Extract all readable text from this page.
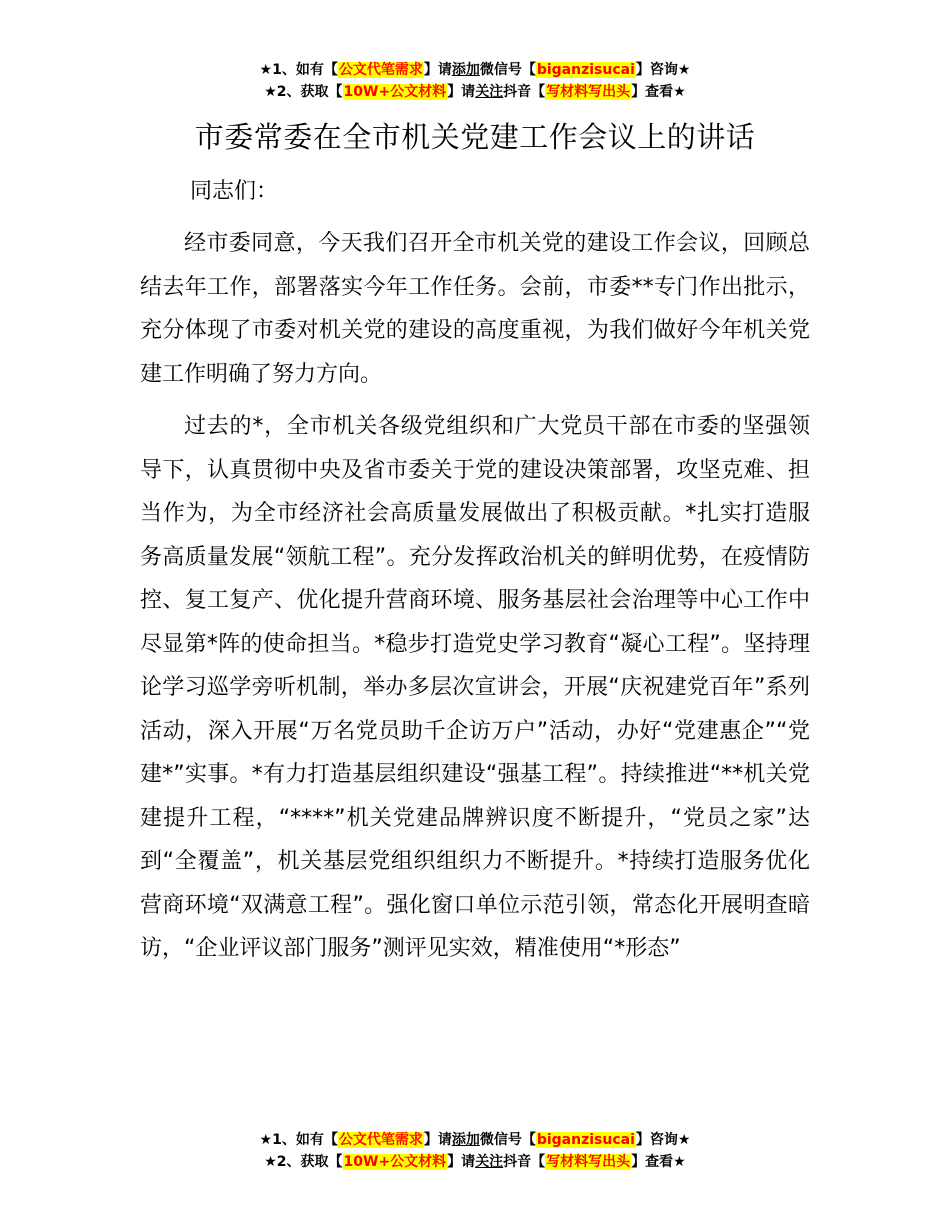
★1、如有【公文代笔需求】请添加微信号【biganzisucai】咨询★
★2、获取【10W+公文材料】请关注抖音【写材料写出头】查看★
市委常委在全市机关党建工作会议上的讲话
同志们：

经市委同意，今天我们召开全市机关党的建设工作会议，回顾总结去年工作，部署落实今年工作任务。会前，市委**专门作出批示，充分体现了市委对机关党的建设的高度重视，为我们做好今年机关党建工作明确了努力方向。

过去的*，全市机关各级党组织和广大党员干部在市委的坚强领导下，认真贯彻中央及省市委关于党的建设决策部署，攻坚克难、担当作为，为全市经济社会高质量发展做出了积极贡献。*扎实打造服务高质量发展“领航工程”。充分发挥政治机关的鲜明优势，在疫情防控、复工复产、优化提升营商环境、服务基层社会治理等中心工作中尽显第*阵的使命担当。*稳步打造党史学习教育“凝心工程”。坚持理论学习巡学旁听机制，举办多层次宣讲会，开展“庆祝建党百年”系列活动，深入开展“万名党员助千企访万户”活动，办好“党建惠企”“党建*”实事。*有力打造基层组织建设“强基工程”。持续推进“**机关党建提升工程，“****”机关党建品牌辨识度不断提升，“党员之家”达到“全覆盖”，机关基层党组织组织力不断提升。*持续打造服务优化营商环境“双满意工程”。强化窗口单位示范引领，常态化开展明查暗访，“企业评议部门服务”测评见实效，精准使用“*形态”

★1、如有【公文代笔需求】请添加微信号【biganzisucai】咨询★
★2、获取【10W+公文材料】请关注抖音【写材料写出头】查看★
